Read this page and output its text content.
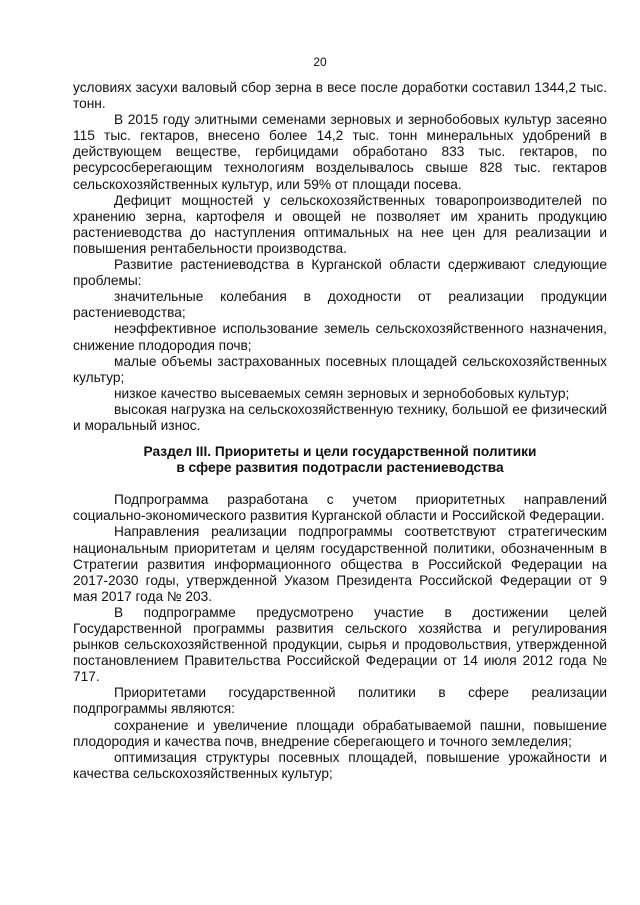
20

условиях засухи валовый сбор зерна в весе после доработки составил 1344,2 тыс. тонн.

В 2015 году элитными семенами зерновых и зернобобовых культур засеяно 115 тыс. гектаров, внесено более 14,2 тыс. тонн минеральных удобрений в действующем веществе, гербицидами обработано 833 тыс. гектаров, по ресурсосберегающим технологиям возделывалось свыше 828 тыс. гектаров сельскохозяйственных культур, или 59% от площади посева.

Дефицит мощностей у сельскохозяйственных товаропроизводителей по хранению зерна, картофеля и овощей не позволяет им хранить продукцию растениеводства до наступления оптимальных на нее цен для реализации и повышения рентабельности производства.

Развитие растениеводства в Курганской области сдерживают следующие проблемы:

значительные колебания в доходности от реализации продукции растениеводства;

неэффективное использование земель сельскохозяйственного назначения, снижение плодородия почв;

малые объемы застрахованных посевных площадей сельскохозяйственных культур;

низкое качество высеваемых семян зерновых и зернобобовых культур;

высокая нагрузка на сельскохозяйственную технику, большой ее физический и моральный износ.

Раздел III. Приоритеты и цели государственной политики
в сфере развития подотрасли растениеводства

Подпрограмма разработана с учетом приоритетных направлений социально-экономического развития Курганской области и Российской Федерации.

Направления реализации подпрограммы соответствуют стратегическим национальным приоритетам и целям государственной политики, обозначенным в Стратегии развития информационного общества в Российской Федерации на 2017-2030 годы, утвержденной Указом Президента Российской Федерации от 9 мая 2017 года № 203.

В подпрограмме предусмотрено участие в достижении целей Государственной программы развития сельского хозяйства и регулирования рынков сельскохозяйственной продукции, сырья и продовольствия, утвержденной постановлением Правительства Российской Федерации от 14 июля 2012 года № 717.

Приоритетами государственной политики в сфере реализации подпрограммы являются:

сохранение и увеличение площади обрабатываемой пашни, повышение плодородия и качества почв, внедрение сберегающего и точного земледелия;

оптимизация структуры посевных площадей, повышение урожайности и качества сельскохозяйственных культур;
